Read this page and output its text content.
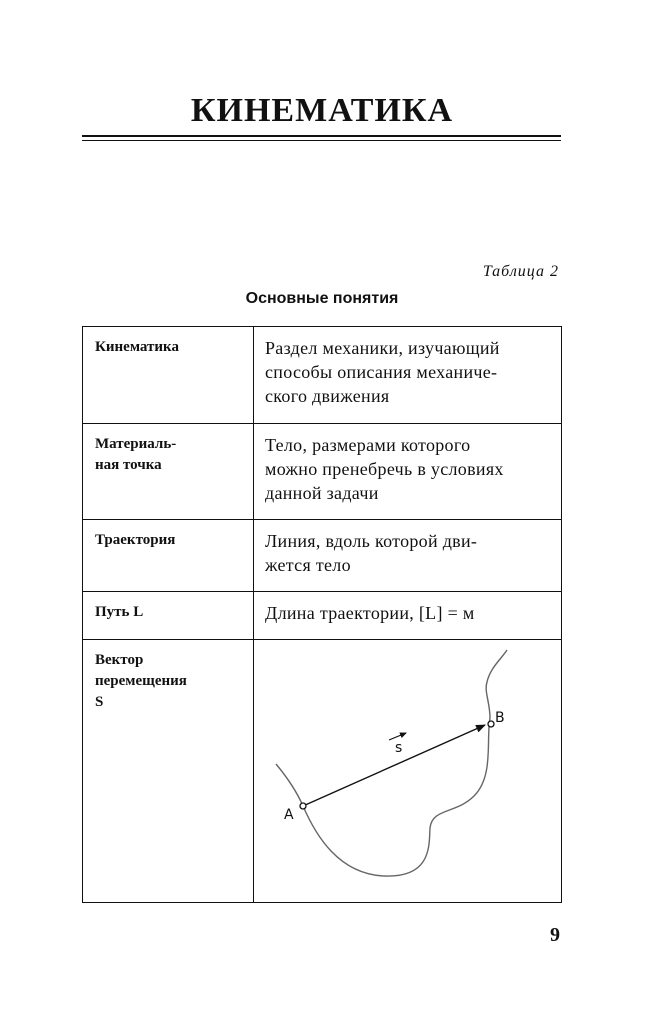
КИНЕМАТИКА
Таблица 2
Основные понятия
Кинематика	Раздел механики, изучающий
способы описания механиче-
ского движения

Материаль-
ная точка	Тело, размерами которого
можно пренебречь в условиях
данной задачи

Траектория	Линия, вдоль которой дви-
жется тело

Путь L	Длина траектории, [L] = м

Вектор
перемещения
S	A
B
s
9
